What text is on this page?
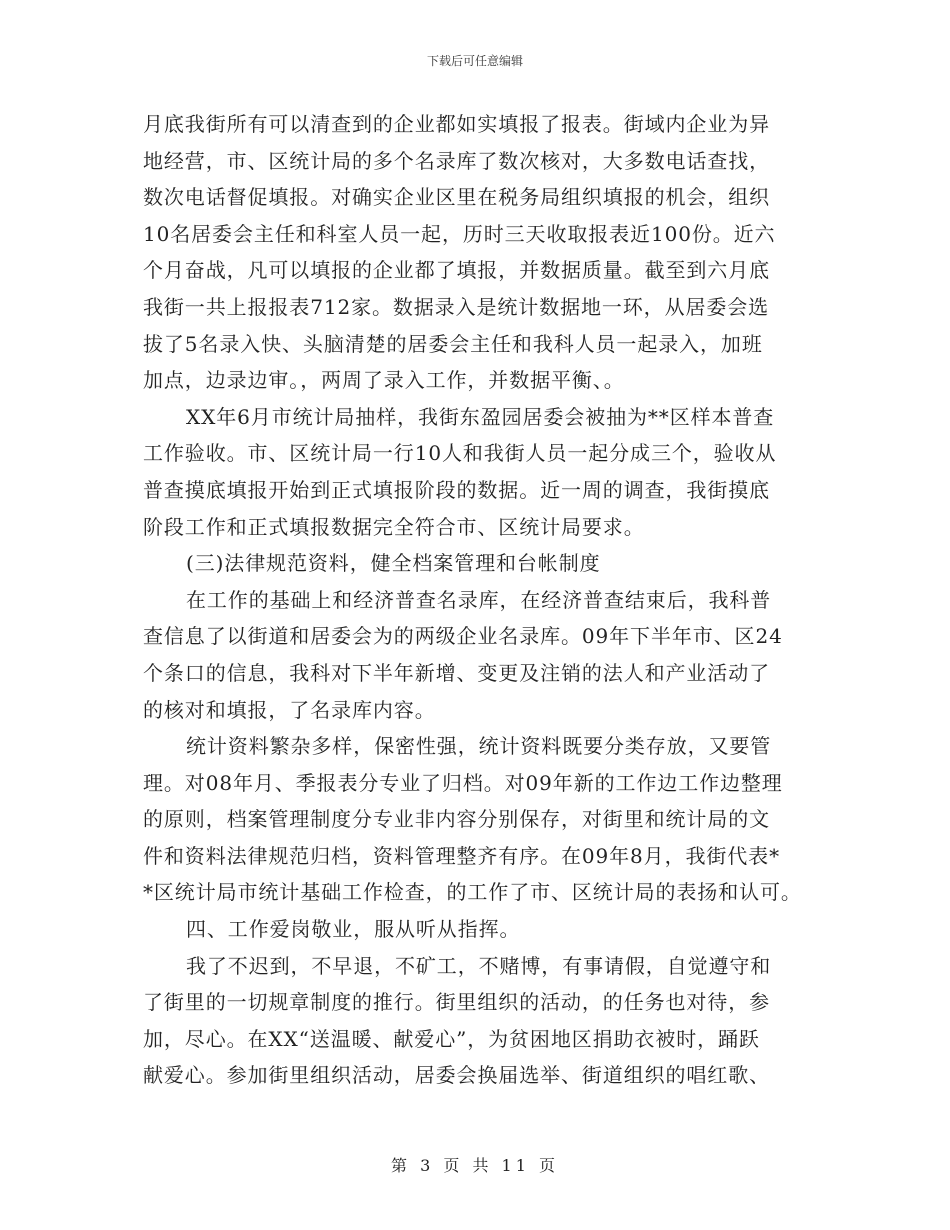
下载后可任意编辑
月底我街所有可以清查到的企业都如实填报了报表。街域内企业为异
地经营，市、区统计局的多个名录库了数次核对，大多数电话查找，
数次电话督促填报。对确实企业区里在税务局组织填报的机会，组织
10名居委会主任和科室人员一起，历时三天收取报表近100份。近六
个月奋战，凡可以填报的企业都了填报，并数据质量。截至到六月底
我街一共上报报表712家。数据录入是统计数据地一环，从居委会选
拔了5名录入快、头脑清楚的居委会主任和我科人员一起录入，加班
加点，边录边审。，两周了录入工作，并数据平衡、。
XX年6月市统计局抽样，我街东盈园居委会被抽为**区样本普查
工作验收。市、区统计局一行10人和我街人员一起分成三个，验收从
普查摸底填报开始到正式填报阶段的数据。近一周的调查，我街摸底
阶段工作和正式填报数据完全符合市、区统计局要求。
(三)法律规范资料，健全档案管理和台帐制度
在工作的基础上和经济普查名录库，在经济普查结束后，我科普
查信息了以街道和居委会为的两级企业名录库。09年下半年市、区24
个条口的信息，我科对下半年新增、变更及注销的法人和产业活动了
的核对和填报，了名录库内容。
统计资料繁杂多样，保密性强，统计资料既要分类存放，又要管
理。对08年月、季报表分专业了归档。对09年新的工作边工作边整理
的原则，档案管理制度分专业非内容分别保存，对街里和统计局的文
件和资料法律规范归档，资料管理整齐有序。在09年8月，我街代表*
*区统计局市统计基础工作检查，的工作了市、区统计局的表扬和认可。
四、工作爱岗敬业，服从听从指挥。
我了不迟到，不早退，不矿工，不赌博，有事请假，自觉遵守和
了街里的一切规章制度的推行。街里组织的活动，的任务也对待，参
加，尽心。在XX“送温暖、献爱心”，为贫困地区捐助衣被时，踊跃
献爱心。参加街里组织活动，居委会换届选举、街道组织的唱红歌、
第 3 页 共 11 页
